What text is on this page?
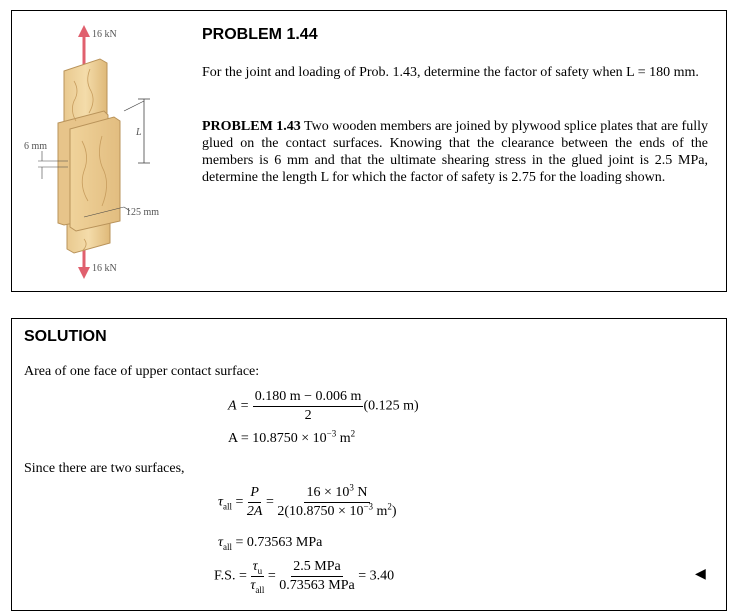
16 kN
16 kN
6 mm
L
125 mm
PROBLEM 1.44
For the joint and loading of Prob. 1.43, determine the factor of safety when L = 180 mm.
PROBLEM 1.43 Two wooden members are joined by plywood splice plates that are fully glued on the contact surfaces. Knowing that the clearance between the ends of the members is 6 mm and that the ultimate shearing stress in the glued joint is 2.5 MPa, determine the length L for which the factor of safety is 2.75 for the loading shown.
SOLUTION
Area of one face of upper contact surface:
$A = \frac{0.180 m - 0.006 m}{2} (0.125$ m)
$A = 10.8750 \times 10^{-3}$ $m^2$
Since there are two surfaces,
$\tau_{all} = \frac{P}{2A} = \frac{16 \times 10^3 N}{2(10.8750 \times 10^{-3} m^2)}$
$\tau_{all} = 0.73563$ MPa
F.S. = $\frac{\tau_u}{\tau_{all}} = \frac{\text{2.5 MPa}}{\text{0.73563 MPa}} = 3.40$	◀
